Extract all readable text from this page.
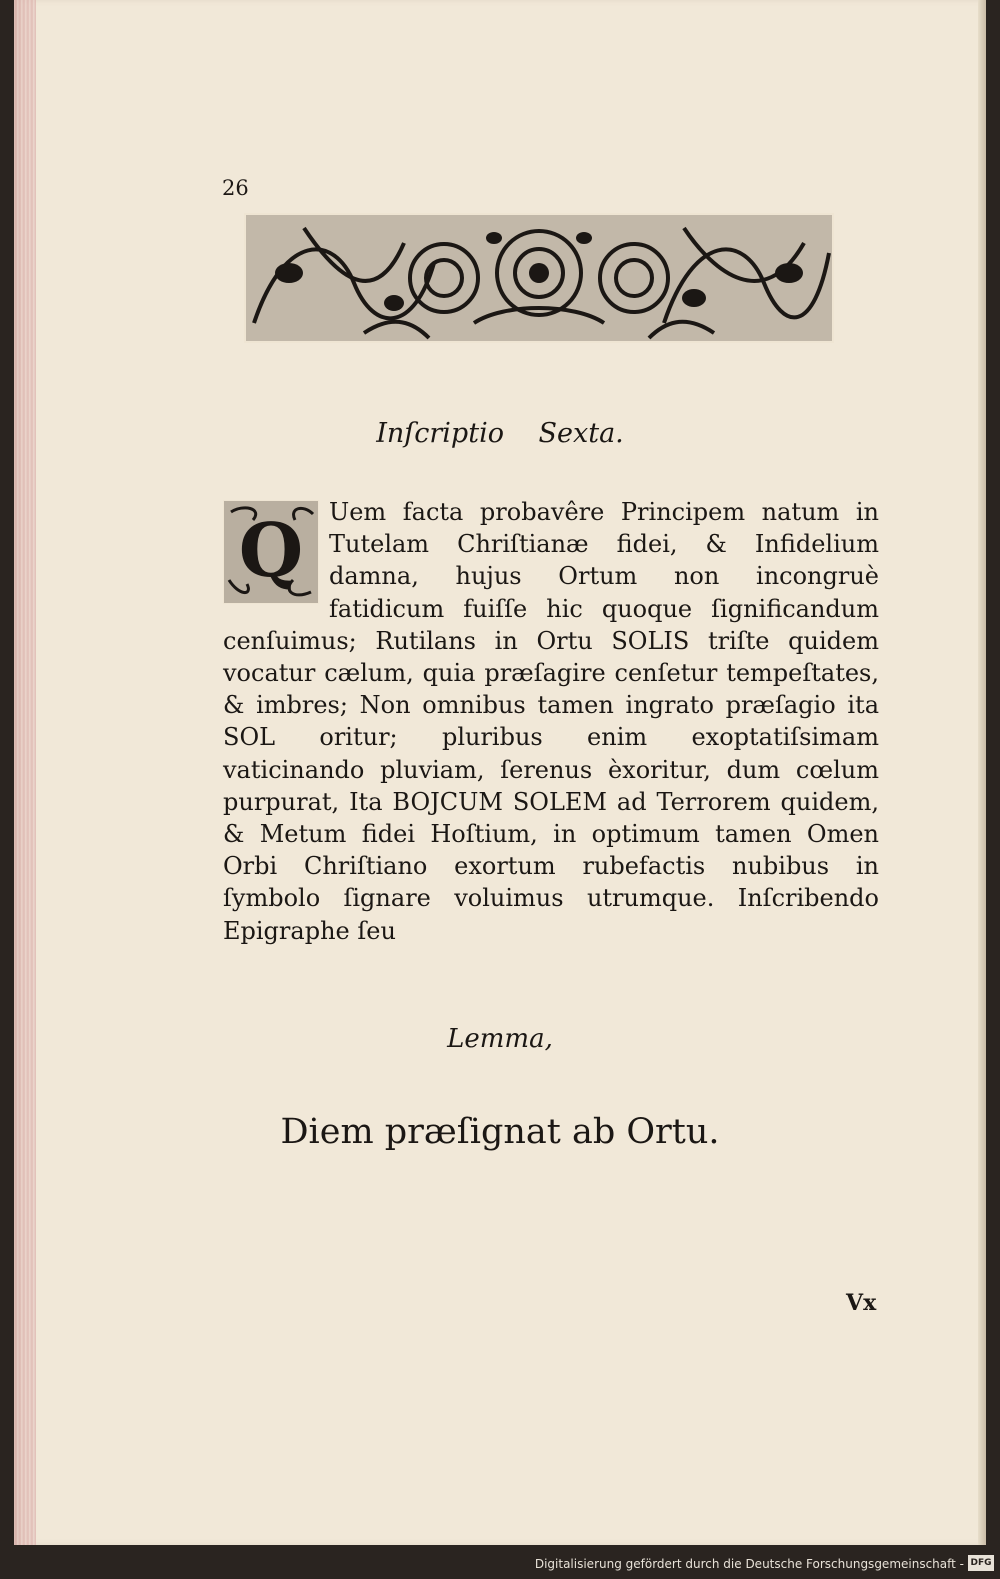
26
Inſcriptio Sexta.
Q Uem facta probavêre Principem natum in Tutelam Chriſtianæ fidei, & Infidelium damna, hujus Ortum non incongruè fatidicum fuiſſe hic quoque ſignificandum cenſuimus; Rutilans in Ortu SOLIS triſte quidem vocatur cælum, quia præſagire cenſetur tempeſtates, & imbres; Non omnibus tamen ingrato præſagio ita SOL oritur; pluribus enim exoptatiſsimam vaticinando pluviam, ſerenus èxoritur, dum cœlum purpurat, Ita BOJCUM SOLEM ad Terrorem quidem, & Metum fidei Hoſtium, in optimum tamen Omen Orbi Chriſtiano exortum rubefactis nubibus in ſymbolo ſignare voluimus utrumque. Inſcribendo Epigraphe ſeu
Lemma,
Diem præſignat ab Ortu.
Vx
Digitalisierung gefördert durch die Deutsche Forschungsgemeinschaft - DFG
